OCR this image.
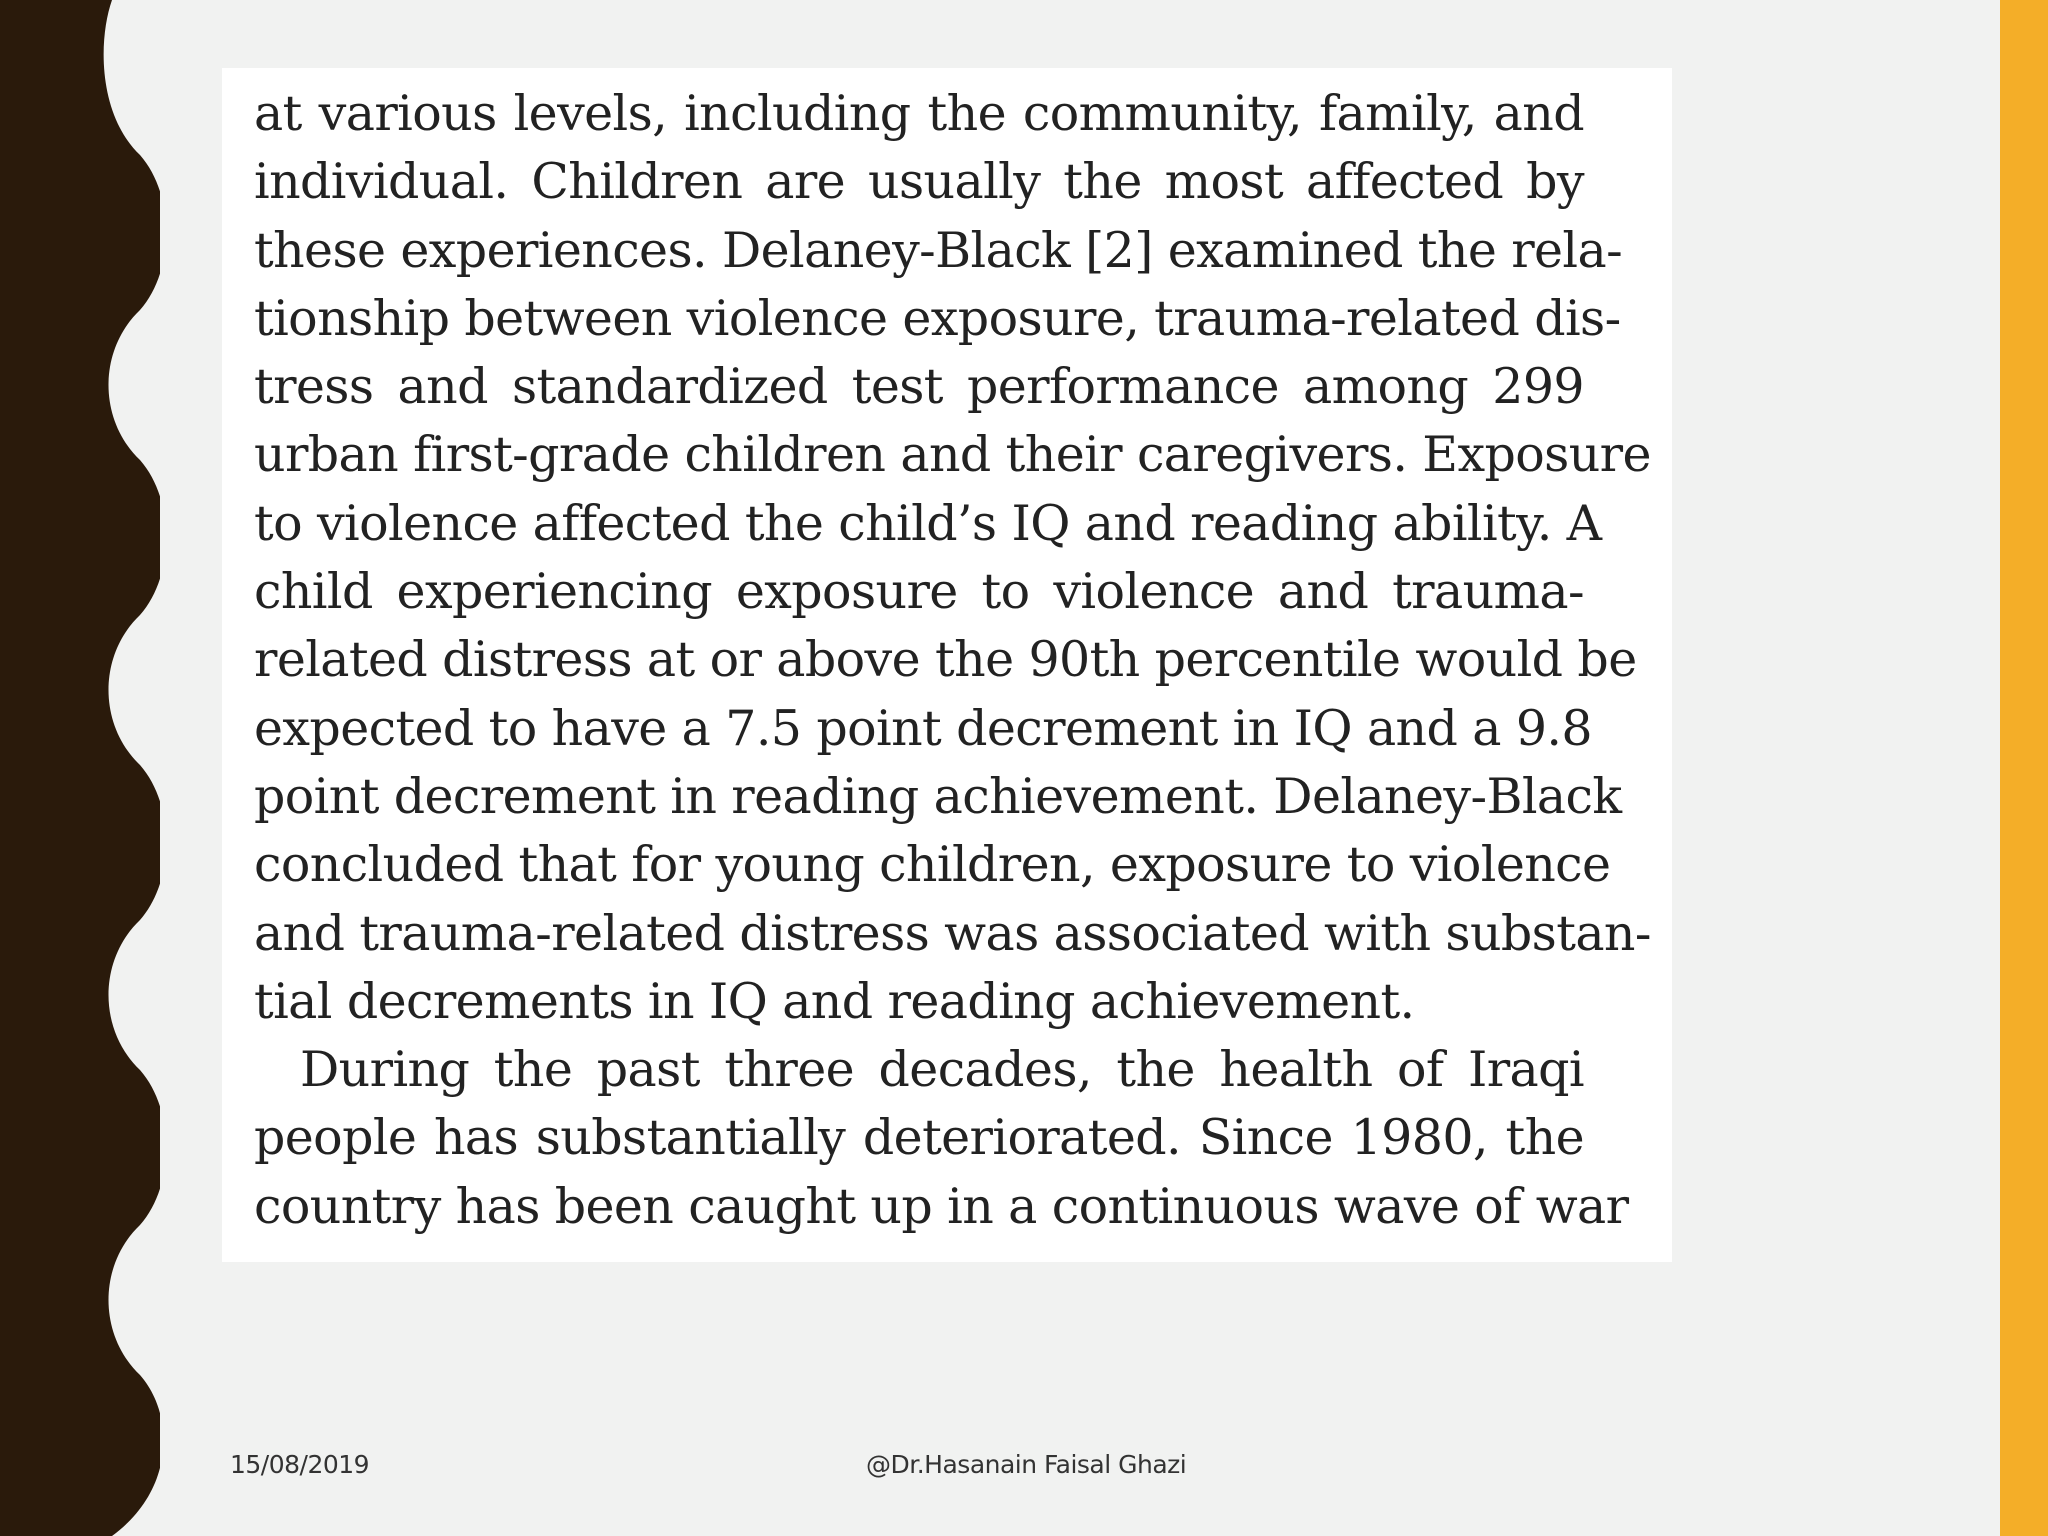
at various levels, including the community, family, and
individual. Children are usually the most affected by
these experiences. Delaney-Black [2] examined the rela-
tionship between violence exposure, trauma-related dis-
tress and standardized test performance among 299
urban first-grade children and their caregivers. Exposure
to violence affected the child’s IQ and reading ability. A
child experiencing exposure to violence and trauma-
related distress at or above the 90th percentile would be
expected to have a 7.5 point decrement in IQ and a 9.8
point decrement in reading achievement. Delaney-Black
concluded that for young children, exposure to violence
and trauma-related distress was associated with substan-
tial decrements in IQ and reading achievement.
During the past three decades, the health of Iraqi
people has substantially deteriorated. Since 1980, the
country has been caught up in a continuous wave of war
15/08/2019	@Dr.Hasanain Faisal Ghazi
